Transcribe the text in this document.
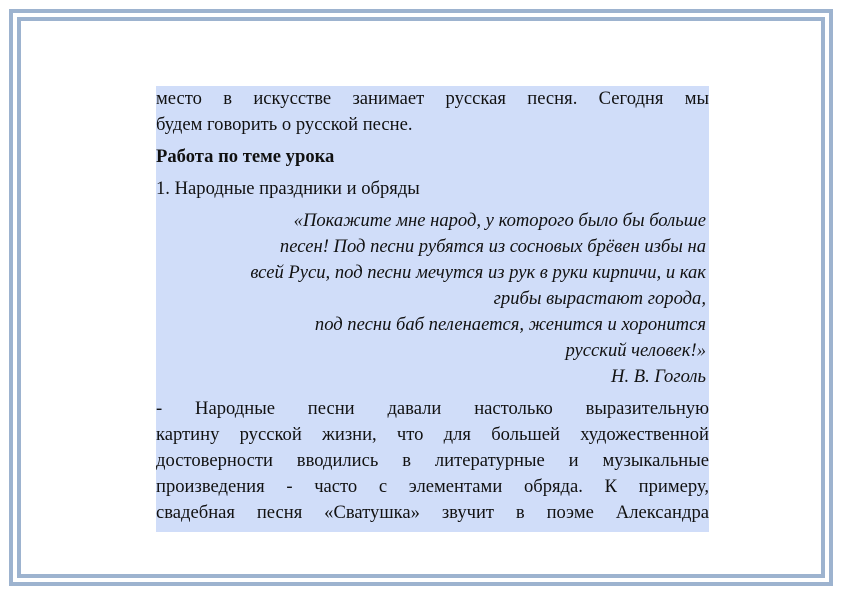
место в искусстве занимает русская песня. Сегодня мы
будем говорить о русской песне.

Работа по теме урока

1. Народные праздники и обряды

«Покажите мне народ, у которого было бы больше
песен! Под песни рубятся из сосновых брёвен избы на
всей Руси, под песни мечутся из рук в руки кирпичи, и как
грибы вырастают города,
под песни баб пеленается, женится и хоронится
русский человек!»

Н. В. Гоголь

- Народные песни давали настолько выразительную
картину русской жизни, что для большей художественной
достоверности вводились в литературные и музыкальные
произведения - часто с элементами обряда. К примеру,
свадебная песня «Сватушка» звучит в поэме Александра
